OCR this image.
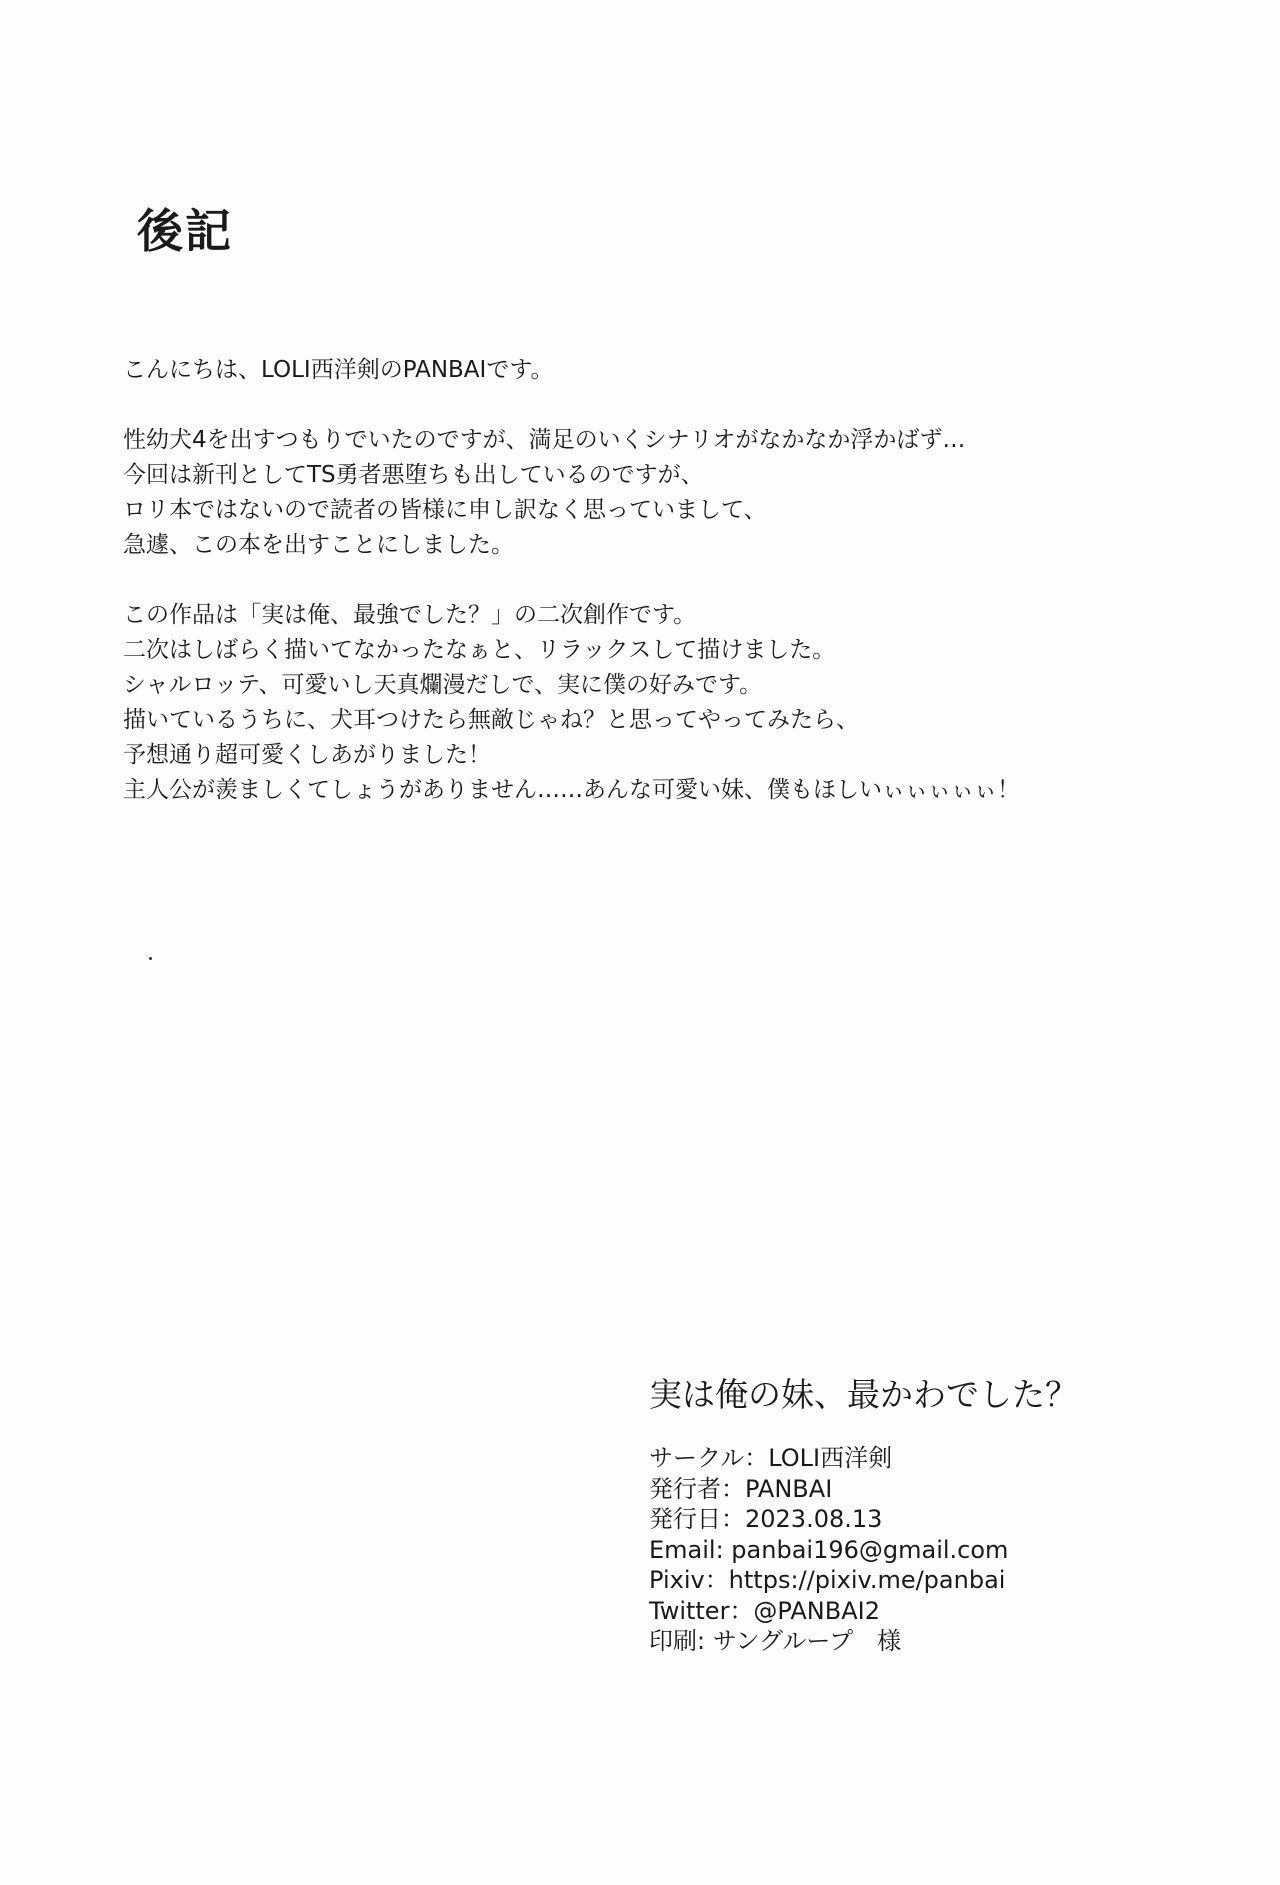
後記
こんにちは、LOLI西洋剣のPANBAIです。
性幼犬4を出すつもりでいたのですが、満足のいくシナリオがなかなか浮かばず…
今回は新刊としてTS勇者悪堕ちも出しているのですが、
ロリ本ではないので読者の皆様に申し訳なく思っていまして、
急遽、この本を出すことにしました。
この作品は「実は俺、最強でした？」の二次創作です。
二次はしばらく描いてなかったなぁと、リラックスして描けました。
シャルロッテ、可愛いし天真爛漫だしで、実に僕の好みです。
描いているうちに、犬耳つけたら無敵じゃね？と思ってやってみたら、
予想通り超可愛くしあがりました！
主人公が羨ましくてしょうがありません……あんな可愛い妹、僕もほしいぃぃぃぃぃ！
実は俺の妹、最かわでした？
サークル：LOLI西洋剣
発行者：PANBAI
発行日：2023.08.13
Email: panbai196@gmail.com
Pixiv：https://pixiv.me/panbai
Twitter：@PANBAI2
印刷: サングループ　様
